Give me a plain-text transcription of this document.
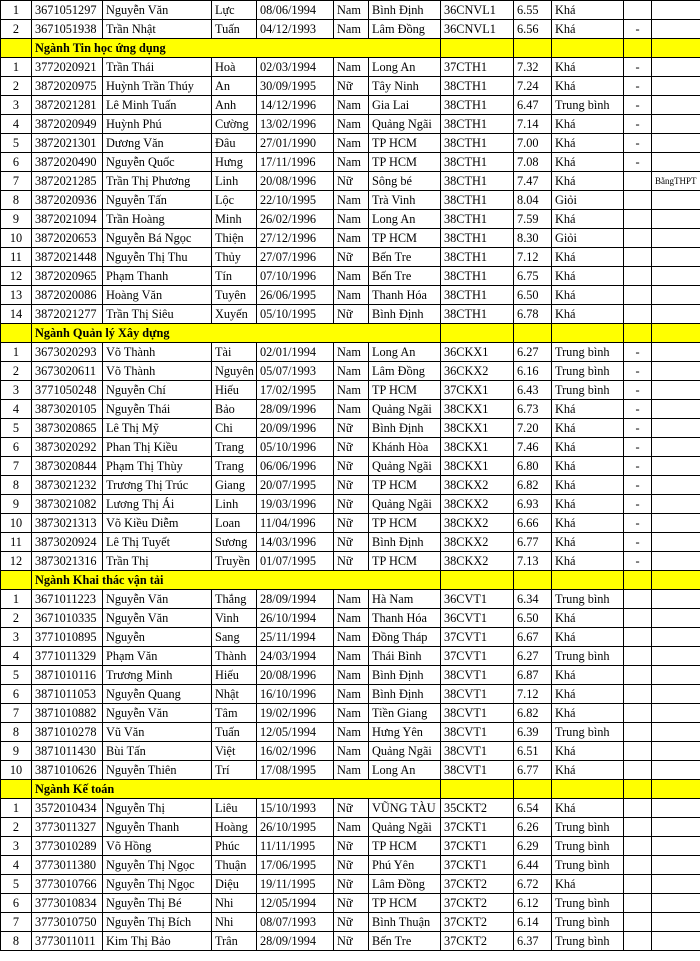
1	3671051297	Nguyễn Văn	Lực	08/06/1994	Nam	Bình Định	36CNVL1	6.55	Khá		
2	3671051938	Trần Nhật	Tuấn	04/12/1993	Nam	Lâm Đồng	36CNVL1	6.56	Khá	-	
	Ngành Tin học ứng dụng										
1	3772020921	Trần Thái	Hoà	02/03/1994	Nam	Long An	37CTH1	7.32	Khá	-	
2	3872020975	Huỳnh Trần Thúy	An	30/09/1995	Nữ	Tây Ninh	38CTH1	7.24	Khá	-	
3	3872021281	Lê Minh Tuấn	Anh	14/12/1996	Nam	Gia Lai	38CTH1	6.47	Trung bình	-	
4	3872020949	Huỳnh Phú	Cường	13/02/1996	Nam	Quảng Ngãi	38CTH1	7.14	Khá	-	
5	3872021301	Dương Văn	Đâu	27/01/1990	Nam	TP HCM	38CTH1	7.00	Khá	-	
6	3872020490	Nguyễn Quốc	Hưng	17/11/1996	Nam	TP HCM	38CTH1	7.08	Khá	-	
7	3872021285	Trần Thị Phương	Linh	20/08/1996	Nữ	Sông bé	38CTH1	7.47	Khá		BằngTHPT
8	3872020936	Nguyễn Tấn	Lộc	22/10/1995	Nam	Trà Vinh	38CTH1	8.04	Giỏi		
9	3872021094	Trần Hoàng	Minh	26/02/1996	Nam	Long An	38CTH1	7.59	Khá		
10	3872020653	Nguyễn Bá Ngọc	Thiện	27/12/1996	Nam	TP HCM	38CTH1	8.30	Giỏi		
11	3872021448	Nguyễn Thị Thu	Thủy	27/07/1996	Nữ	Bến Tre	38CTH1	7.12	Khá		
12	3872020965	Phạm Thanh	Tín	07/10/1996	Nam	Bến Tre	38CTH1	6.75	Khá		
13	3872020086	Hoàng Văn	Tuyên	26/06/1995	Nam	Thanh Hóa	38CTH1	6.50	Khá		
14	3872021277	Trần Thị Siêu	Xuyến	05/10/1995	Nữ	Bình Định	38CTH1	6.78	Khá		
	Ngành Quản lý Xây dựng										
1	3673020293	Võ Thành	Tài	02/01/1994	Nam	Long An	36CKX1	6.27	Trung bình	-	
2	3673020611	Võ Thành	Nguyên	05/07/1993	Nam	Lâm Đồng	36CKX2	6.16	Trung bình	-	
3	3771050248	Nguyễn Chí	Hiếu	17/02/1995	Nam	TP HCM	37CKX1	6.43	Trung bình	-	
4	3873020105	Nguyễn Thái	Bảo	28/09/1996	Nam	Quảng Ngãi	38CKX1	6.73	Khá	-	
5	3873020865	Lê Thị Mỹ	Chi	20/09/1996	Nữ	Bình Định	38CKX1	7.20	Khá	-	
6	3873020292	Phan Thị Kiều	Trang	05/10/1996	Nữ	Khánh Hòa	38CKX1	7.46	Khá	-	
7	3873020844	Phạm Thị Thùy	Trang	06/06/1996	Nữ	Quảng Ngãi	38CKX1	6.80	Khá	-	
8	3873021232	Trương Thị Trúc	Giang	20/07/1995	Nữ	TP HCM	38CKX2	6.82	Khá	-	
9	3873021082	Lương Thị Ái	Linh	19/03/1996	Nữ	Quảng Ngãi	38CKX2	6.93	Khá	-	
10	3873021313	Võ Kiều Diễm	Loan	11/04/1996	Nữ	TP HCM	38CKX2	6.66	Khá	-	
11	3873020924	Lê Thị Tuyết	Sương	14/03/1996	Nữ	Bình Định	38CKX2	6.77	Khá	-	
12	3873021316	Trần Thị	Truyền	01/07/1995	Nữ	TP HCM	38CKX2	7.13	Khá	-	
	Ngành Khai thác vận tải										
1	3671011223	Nguyễn Văn	Thắng	28/09/1994	Nam	Hà Nam	36CVT1	6.34	Trung bình		
2	3671010335	Nguyễn Văn	Vinh	26/10/1994	Nam	Thanh Hóa	36CVT1	6.50	Khá		
3	3771010895	Nguyễn	Sang	25/11/1994	Nam	Đồng Tháp	37CVT1	6.67	Khá		
4	3771011329	Phạm Văn	Thành	24/03/1994	Nam	Thái Bình	37CVT1	6.27	Trung bình		
5	3871010116	Trương Minh	Hiếu	20/08/1996	Nam	Bình Định	38CVT1	6.87	Khá		
6	3871011053	Nguyễn Quang	Nhật	16/10/1996	Nam	Bình Định	38CVT1	7.12	Khá		
7	3871010882	Nguyễn Văn	Tâm	19/02/1996	Nam	Tiền Giang	38CVT1	6.82	Khá		
8	3871010278	Vũ Văn	Tuấn	12/05/1994	Nam	Hưng Yên	38CVT1	6.39	Trung bình		
9	3871011430	Bùi Tấn	Việt	16/02/1996	Nam	Quảng Ngãi	38CVT1	6.51	Khá		
10	3871010626	Nguyễn Thiên	Trí	17/08/1995	Nam	Long An	38CVT1	6.77	Khá		
	Ngành Kế toán										
1	3572010434	Nguyễn Thị	Liêu	15/10/1993	Nữ	VŨNG TÀU	35CKT2	6.54	Khá		
2	3773011327	Nguyễn Thanh	Hoàng	26/10/1995	Nam	Quảng Ngãi	37CKT1	6.26	Trung bình		
3	3773010289	Võ Hồng	Phúc	11/11/1995	Nữ	TP HCM	37CKT1	6.29	Trung bình		
4	3773011380	Nguyễn Thị Ngọc	Thuận	17/06/1995	Nữ	Phú Yên	37CKT1	6.44	Trung bình		
5	3773010766	Nguyễn Thị Ngọc	Diệu	19/11/1995	Nữ	Lâm Đồng	37CKT2	6.72	Khá		
6	3773010834	Nguyễn Thị Bé	Nhi	12/05/1994	Nữ	TP HCM	37CKT2	6.12	Trung bình		
7	3773010750	Nguyễn Thị Bích	Nhi	08/07/1993	Nữ	Bình Thuận	37CKT2	6.14	Trung bình		
8	3773011011	Kim Thị Bảo	Trân	28/09/1994	Nữ	Bến Tre	37CKT2	6.37	Trung bình		
